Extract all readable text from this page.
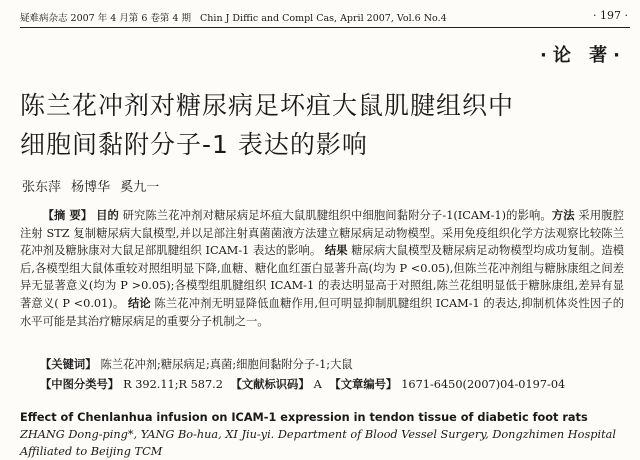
疑难病杂志 2007 年 4 月第 6 卷第 4 期 Chin J Diffic and Compl Cas, April 2007, Vol.6 No.4	· 197 ·
·论 著·
陈兰花冲剂对糖尿病足坏疽大鼠肌腱组织中
细胞间黏附分子-1 表达的影响
张东萍 杨博华 奚九一

【摘 要】 目的 研究陈兰花冲剂对糖尿病足坏疽大鼠肌腱组织中细胞间黏附分子-1(ICAM-1)的影响。方法 采用腹腔注射 STZ 复制糖尿病大鼠模型,并以足部注射真菌菌液方法建立糖尿病足动物模型。采用免疫组织化学方法观察比较陈兰花冲剂及糖脉康对大鼠足部肌腱组织 ICAM-1 表达的影响。 结果 糖尿病大鼠模型及糖尿病足动物模型均成功复制。造模后,各模型组大鼠体重较对照组明显下降,血糖、糖化血红蛋白显著升高(均为 P <0.05),但陈兰花冲剂组与糖脉康组之间差异无显著意义(均为 P >0.05);各模型组肌腱组织 ICAM-1 的表达明显高于对照组,陈兰花组明显低于糖脉康组,差异有显著意义( P <0.01)。 结论 陈兰花冲剂无明显降低血糖作用,但可明显抑制肌腱组织 ICAM-1 的表达,抑制机体炎性因子的水平可能是其治疗糖尿病足的重要分子机制之一。

【关键词】 陈兰花冲剂;糖尿病足;真菌;细胞间黏附分子-1;大鼠
【中图分类号】 R 392.11;R 587.2 【文献标识码】 A 【文章编号】 1671-6450(2007)04-0197-04
Effect of Chenlanhua infusion on ICAM-1 expression in tendon tissue of diabetic foot rats ZHANG Dong-ping*, YANG Bo-hua, XI Jiu-yi. Department of Blood Vessel Surgery, Dongzhimen Hospital Affiliated to Beijing TCM
